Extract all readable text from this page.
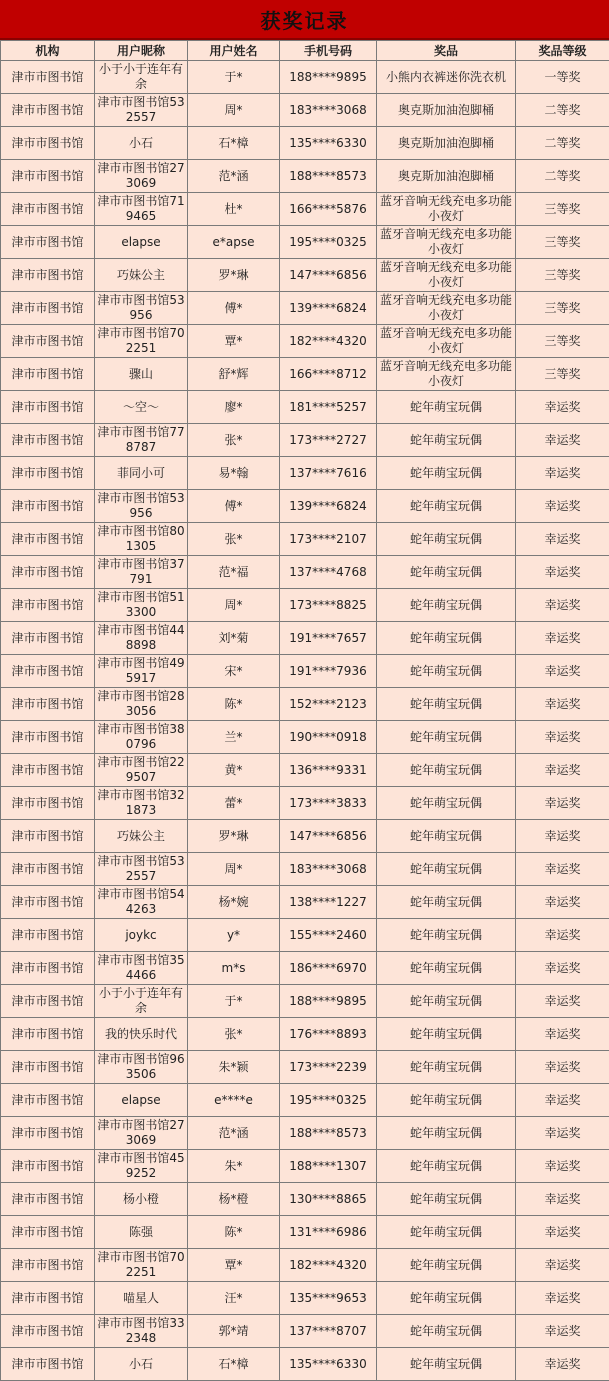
获奖记录
机构	用户昵称	用户姓名	手机号码	奖品	奖品等级
津市市图书馆	小于小于连年有余	于*	188****9895	小熊内衣裤迷你洗衣机	一等奖
津市市图书馆	津市市图书馆532557	周*	183****3068	奥克斯加油泡脚桶	二等奖
津市市图书馆	小石	石*樟	135****6330	奥克斯加油泡脚桶	二等奖
津市市图书馆	津市市图书馆273069	范*涵	188****8573	奥克斯加油泡脚桶	二等奖
津市市图书馆	津市市图书馆719465	杜*	166****5876	蓝牙音响无线充电多功能小夜灯	三等奖
津市市图书馆	elapse	e*apse	195****0325	蓝牙音响无线充电多功能小夜灯	三等奖
津市市图书馆	巧妹公主	罗*琳	147****6856	蓝牙音响无线充电多功能小夜灯	三等奖
津市市图书馆	津市市图书馆53956	傅*	139****6824	蓝牙音响无线充电多功能小夜灯	三等奖
津市市图书馆	津市市图书馆702251	覃*	182****4320	蓝牙音响无线充电多功能小夜灯	三等奖
津市市图书馆	骤山	舒*辉	166****8712	蓝牙音响无线充电多功能小夜灯	三等奖
津市市图书馆	～空～	廖*	181****5257	蛇年萌宝玩偶	幸运奖
津市市图书馆	津市市图书馆778787	张*	173****2727	蛇年萌宝玩偶	幸运奖
津市市图书馆	菲同小可	易*翰	137****7616	蛇年萌宝玩偶	幸运奖
津市市图书馆	津市市图书馆53956	傅*	139****6824	蛇年萌宝玩偶	幸运奖
津市市图书馆	津市市图书馆801305	张*	173****2107	蛇年萌宝玩偶	幸运奖
津市市图书馆	津市市图书馆37791	范*福	137****4768	蛇年萌宝玩偶	幸运奖
津市市图书馆	津市市图书馆513300	周*	173****8825	蛇年萌宝玩偶	幸运奖
津市市图书馆	津市市图书馆448898	刘*菊	191****7657	蛇年萌宝玩偶	幸运奖
津市市图书馆	津市市图书馆495917	宋*	191****7936	蛇年萌宝玩偶	幸运奖
津市市图书馆	津市市图书馆283056	陈*	152****2123	蛇年萌宝玩偶	幸运奖
津市市图书馆	津市市图书馆380796	兰*	190****0918	蛇年萌宝玩偶	幸运奖
津市市图书馆	津市市图书馆229507	黄*	136****9331	蛇年萌宝玩偶	幸运奖
津市市图书馆	津市市图书馆321873	蕾*	173****3833	蛇年萌宝玩偶	幸运奖
津市市图书馆	巧妹公主	罗*琳	147****6856	蛇年萌宝玩偶	幸运奖
津市市图书馆	津市市图书馆532557	周*	183****3068	蛇年萌宝玩偶	幸运奖
津市市图书馆	津市市图书馆544263	杨*婉	138****1227	蛇年萌宝玩偶	幸运奖
津市市图书馆	joykc	y*	155****2460	蛇年萌宝玩偶	幸运奖
津市市图书馆	津市市图书馆354466	m*s	186****6970	蛇年萌宝玩偶	幸运奖
津市市图书馆	小于小于连年有余	于*	188****9895	蛇年萌宝玩偶	幸运奖
津市市图书馆	我的快乐时代	张*	176****8893	蛇年萌宝玩偶	幸运奖
津市市图书馆	津市市图书馆963506	朱*颖	173****2239	蛇年萌宝玩偶	幸运奖
津市市图书馆	elapse	e****e	195****0325	蛇年萌宝玩偶	幸运奖
津市市图书馆	津市市图书馆273069	范*涵	188****8573	蛇年萌宝玩偶	幸运奖
津市市图书馆	津市市图书馆459252	朱*	188****1307	蛇年萌宝玩偶	幸运奖
津市市图书馆	杨小橙	杨*橙	130****8865	蛇年萌宝玩偶	幸运奖
津市市图书馆	陈强	陈*	131****6986	蛇年萌宝玩偶	幸运奖
津市市图书馆	津市市图书馆702251	覃*	182****4320	蛇年萌宝玩偶	幸运奖
津市市图书馆	喵星人	汪*	135****9653	蛇年萌宝玩偶	幸运奖
津市市图书馆	津市市图书馆332348	郭*靖	137****8707	蛇年萌宝玩偶	幸运奖
津市市图书馆	小石	石*樟	135****6330	蛇年萌宝玩偶	幸运奖
